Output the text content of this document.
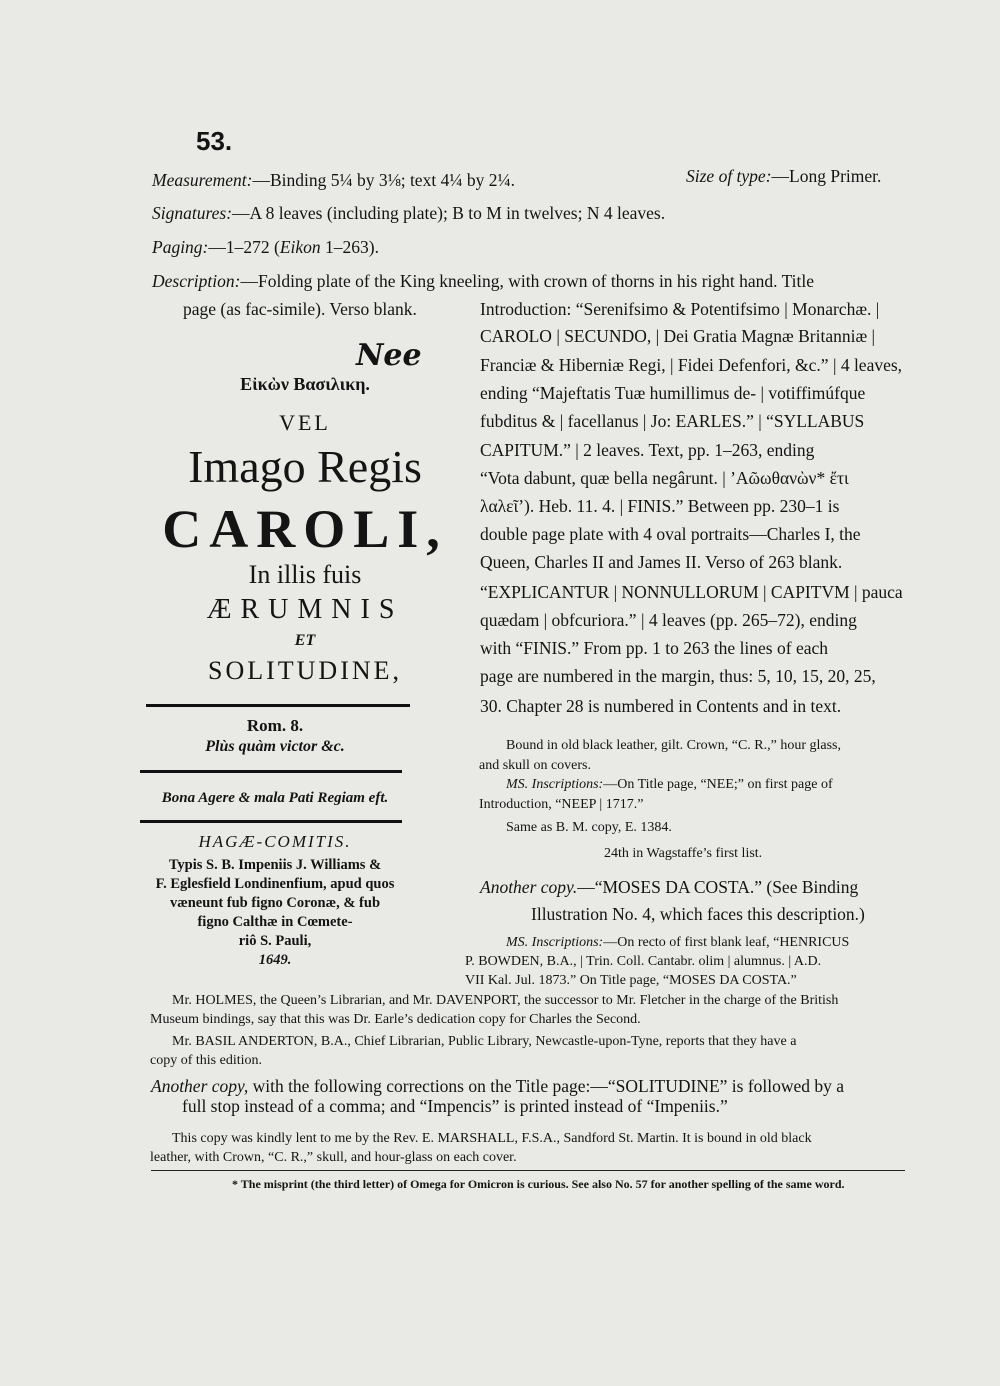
53.
Measurement:—Binding 5¼ by 3⅛; text 4¼ by 2¼.	Size of type:—Long Primer.
Signatures:—A 8 leaves (including plate); B to M in twelves; N 4 leaves.
Paging:—1–272 (Eikon 1–263).
Description:—Folding plate of the King kneeling, with crown of thorns in his right hand. Title
page (as fac-simile). Verso blank.	Introduction: “Serenifsimo & Potentifsimo | Monarchæ. |
CAROLO | SECUNDO, | Dei Gratia Magnæ Britanniæ |
Franciæ & Hiberniæ Regi, | Fidei Defenfori, &c.” | 4 leaves,
ending “Majeftatis Tuæ humillimus de- | votiffimúfque
fubditus & | facellanus | Jo: EARLES.” | “SYLLABUS
CAPITUM.” | 2 leaves. Text, pp. 1–263, ending
“Vota dabunt, quæ bella negârunt. | ’Aῶωθανὼν* ἔτι
λαλεῖ’). Heb. 11. 4. | FINIS.” Between pp. 230–1 is
double page plate with 4 oval portraits—Charles I, the
Queen, Charles II and James II. Verso of 263 blank.
“EXPLICANTUR | NONNULLORUM | CAPITVM | pauca
quædam | obfcuriora.” | 4 leaves (pp. 265–72), ending
with “FINIS.” From pp. 1 to 263 the lines of each
page are numbered in the margin, thus: 5, 10, 15, 20, 25,
30. Chapter 28 is numbered in Contents and in text.
Εἰκὼν Βασιλικη.
Nee
VEL
Imago Regis
CAROLI,
In illis fuis
ÆRUMNIS
ET
SOLITUDINE,
Rom. 8.
Plùs quàm victor &c.
Bona Agere & mala Pati Regiam eft.
HAGÆ-COMITIS.
Typis S. B. Impeniis J. Williams &
F. Eglesfield Londinenfium, apud quos
væneunt fub figno Coronæ, & fub
figno Calthæ in Cœmete-
riô S. Pauli,
1649.
Bound in old black leather, gilt. Crown, “C. R.,” hour glass,
and skull on covers.
MS. Inscriptions:—On Title page, “NEE;” on first page of
Introduction, “NEEP | 1717.”
Same as B. M. copy, E. 1384.
24th in Wagstaffe’s first list.
Another copy.—“MOSES DA COSTA.” (See Binding
Illustration No. 4, which faces this description.)
MS. Inscriptions:—On recto of first blank leaf, “HENRICUS
P. BOWDEN, B.A., | Trin. Coll. Cantabr. olim | alumnus. | A.D.
VII Kal. Jul. 1873.” On Title page, “MOSES DA COSTA.”
Mr. HOLMES, the Queen’s Librarian, and Mr. DAVENPORT, the successor to Mr. Fletcher in the charge of the British
Museum bindings, say that this was Dr. Earle’s dedication copy for Charles the Second.
Mr. BASIL ANDERTON, B.A., Chief Librarian, Public Library, Newcastle-upon-Tyne, reports that they have a
copy of this edition.
Another copy, with the following corrections on the Title page:—“SOLITUDINE” is followed by a
full stop instead of a comma; and “Impencis” is printed instead of “Impeniis.”
This copy was kindly lent to me by the Rev. E. MARSHALL, F.S.A., Sandford St. Martin. It is bound in old black
leather, with Crown, “C. R.,” skull, and hour-glass on each cover.
* The misprint (the third letter) of Omega for Omicron is curious. See also No. 57 for another spelling of the same word.
